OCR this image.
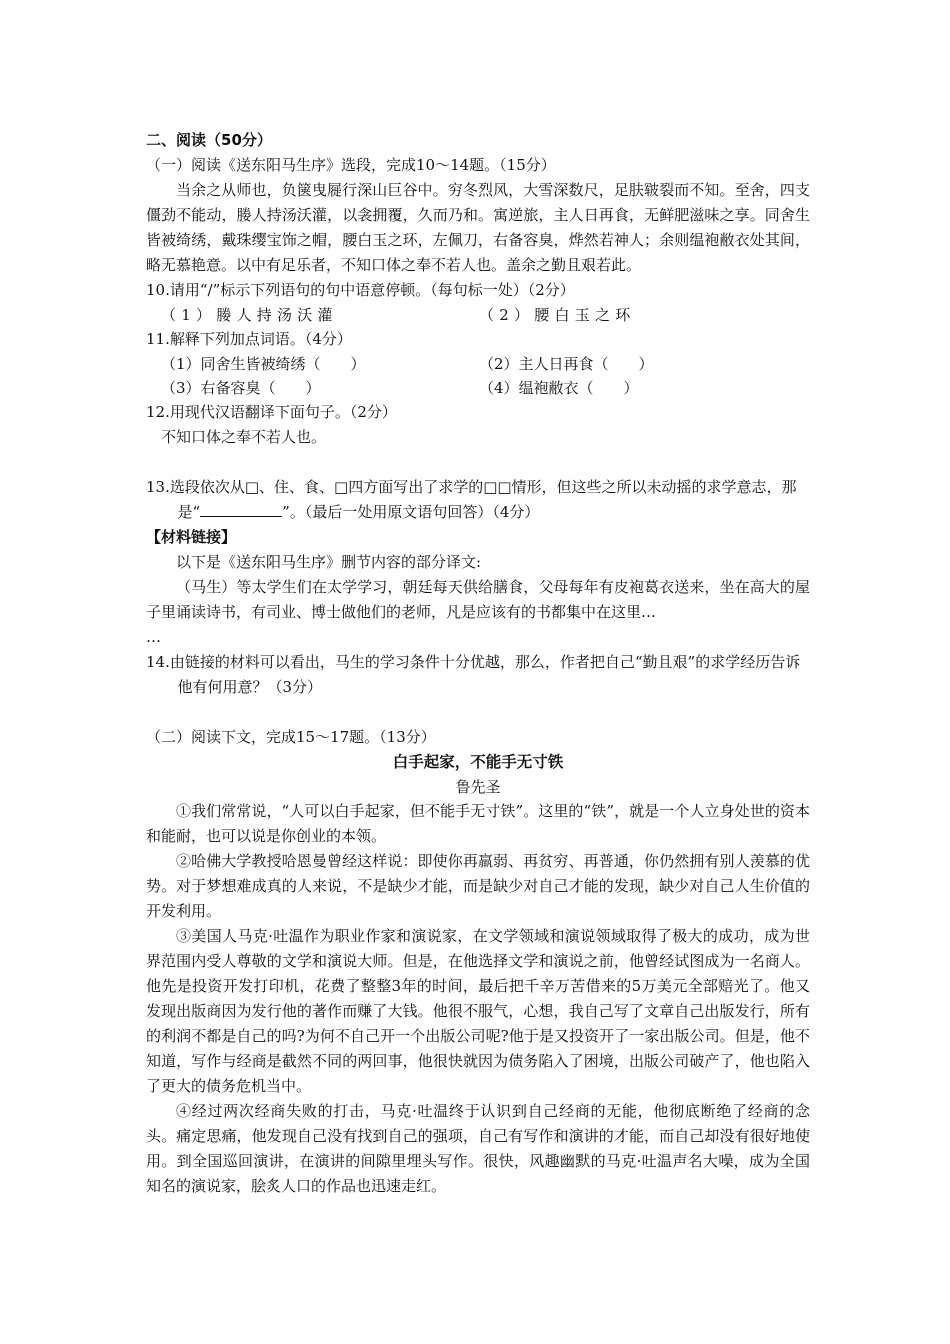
二、阅读（50分）
（一）阅读《送东阳马生序》选段，完成10～14题。（15分）
当余之从师也，负箧曳屣行深山巨谷中。穷冬烈风，大雪深数尺，足肤皲裂而不知。至舍，四支僵劲不能动，媵人持汤沃灌，以衾拥覆，久而乃和。寓逆旅，主人日再食，无鲜肥滋味之享。同舍生皆被绮绣，戴珠缨宝饰之帽，腰白玉之环，左佩刀，右备容臭，烨然若神人；余则缊袍敝衣处其间，略无慕艳意。以中有足乐者，不知口体之奉不若人也。盖余之勤且艰若此。
10.请用“/”标示下列语句的句中语意停顿。（每句标一处）（2分）
（1）媵人持汤沃灌	（2）腰白玉之环
11.解释下列加点词语。（4分）
（1）同舍生皆被绮绣（　　）	（2）主人日再食（　　）
（3）右备容臭（　　）	（4）缊袍敝衣（　　）
12.用现代汉语翻译下面句子。（2分）
不知口体之奉不若人也。
13.选段依次从□、住、食、□四方面写出了求学的□□情形，但这些之所以未动摇的求学意志，那是“	”。（最后一处用原文语句回答）（4分）
【材料链接】
以下是《送东阳马生序》删节内容的部分译文:
（马生）等太学生们在太学学习，朝廷每天供给膳食，父母每年有皮袍葛衣送来，坐在高大的屋子里诵读诗书，有司业、博士做他们的老师，凡是应该有的书都集中在这里…
…
14.由链接的材料可以看出，马生的学习条件十分优越，那么，作者把自己“勤且艰”的求学经历告诉他有何用意？（3分）
（二）阅读下文，完成15～17题。（13分）
白手起家，不能手无寸铁
鲁先圣
①我们常常说，“人可以白手起家，但不能手无寸铁”。这里的“铁”，就是一个人立身处世的资本和能耐，也可以说是你创业的本领。
②哈佛大学教授哈恩曼曾经这样说：即使你再羸弱、再贫穷、再普通，你仍然拥有别人羡慕的优势。对于梦想难成真的人来说，不是缺少才能，而是缺少对自己才能的发现，缺少对自己人生价值的开发利用。
③美国人马克·吐温作为职业作家和演说家，在文学领域和演说领域取得了极大的成功，成为世界范围内受人尊敬的文学和演说大师。但是，在他选择文学和演说之前，他曾经试图成为一名商人。他先是投资开发打印机，花费了整整3年的时间，最后把千辛万苦借来的5万美元全部赔光了。他又发现出版商因为发行他的著作而赚了大钱。他很不服气，心想，我自己写了文章自己出版发行，所有的利润不都是自己的吗?为何不自己开一个出版公司呢?他于是又投资开了一家出版公司。但是，他不知道，写作与经商是截然不同的两回事，他很快就因为债务陷入了困境，出版公司破产了，他也陷入了更大的债务危机当中。
④经过两次经商失败的打击，马克·吐温终于认识到自己经商的无能，他彻底断绝了经商的念头。痛定思痛，他发现自己没有找到自己的强项，自己有写作和演讲的才能，而自己却没有很好地使用。到全国巡回演讲，在演讲的间隙里埋头写作。很快，风趣幽默的马克·吐温声名大噪，成为全国知名的演说家，脍炙人口的作品也迅速走红。
